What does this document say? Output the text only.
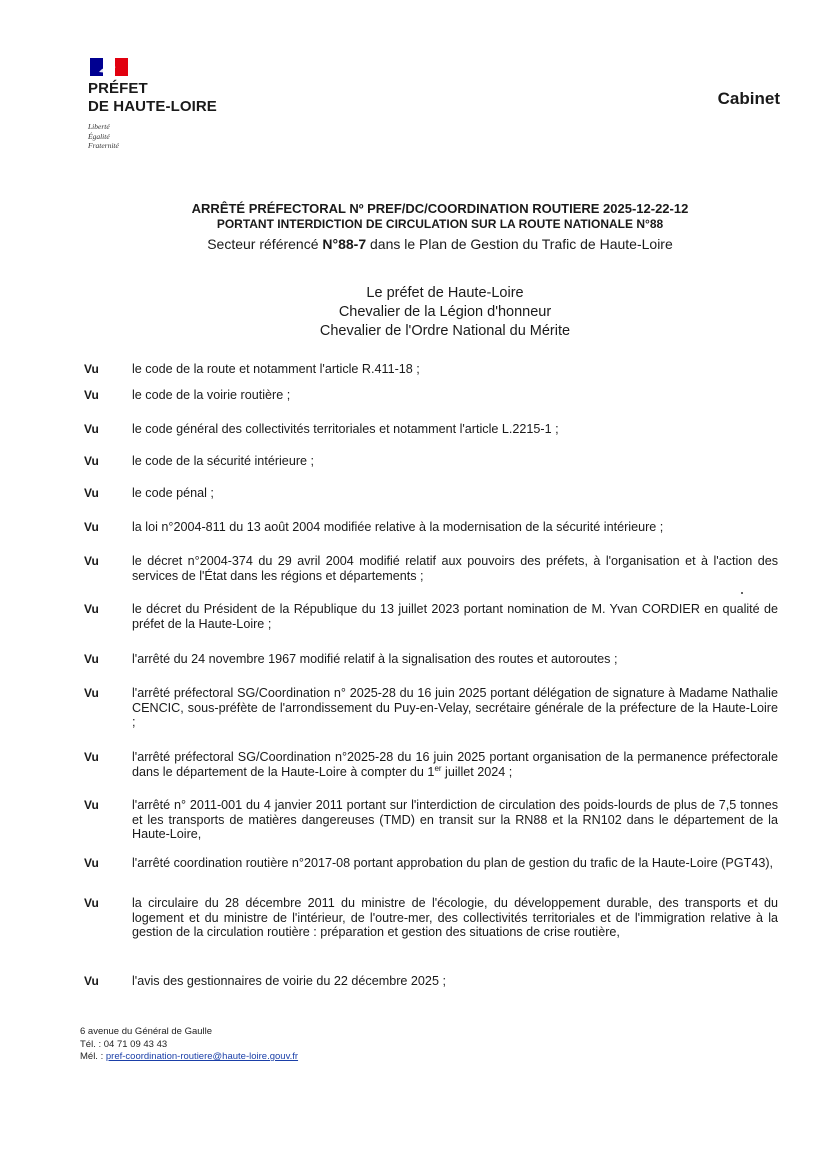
PRÉFET
DE HAUTE-LOIRE
Liberté
Égalité
Fraternité
Cabinet
ARRÊTÉ PRÉFECTORAL Nº PREF/DC/COORDINATION ROUTIERE 2025-12-22-12
PORTANT INTERDICTION DE CIRCULATION SUR LA ROUTE NATIONALE N°88
Secteur référencé N°88-7 dans le Plan de Gestion du Trafic de Haute-Loire
Le préfet de Haute-Loire
Chevalier de la Légion d'honneur
Chevalier de l'Ordre National du Mérite
Vu	le code de la route et notamment l'article R.411-18 ;
Vu	le code de la voirie routière ;
Vu	le code général des collectivités territoriales et notamment l'article L.2215-1 ;
Vu	le code de la sécurité intérieure ;
Vu	le code pénal ;
Vu	la loi n°2004-811 du 13 août 2004 modifiée relative à la modernisation de la sécurité intérieure ;
Vu	le décret n°2004-374 du 29 avril 2004 modifié relatif aux pouvoirs des préfets, à l'organisation et à l'action des services de l'État dans les régions et départements ;
Vu	le décret du Président de la République du 13 juillet 2023 portant nomination de M. Yvan CORDIER en qualité de préfet de la Haute-Loire ;
Vu	l'arrêté du 24 novembre 1967 modifié relatif à la signalisation des routes et autoroutes ;
Vu	l'arrêté préfectoral SG/Coordination n° 2025-28 du 16 juin 2025 portant délégation de signature à Madame Nathalie CENCIC, sous-préfète de l'arrondissement du Puy-en-Velay, secrétaire générale de la préfecture de la Haute-Loire ;
Vu	l'arrêté préfectoral SG/Coordination n°2025-28 du 16 juin 2025 portant organisation de la permanence préfectorale dans le département de la Haute-Loire à compter du 1er juillet 2024 ;
Vu	l'arrêté n° 2011-001 du 4 janvier 2011 portant sur l'interdiction de circulation des poids-lourds de plus de 7,5 tonnes et les transports de matières dangereuses (TMD) en transit sur la RN88 et la RN102 dans le département de la Haute-Loire,
Vu	l'arrêté coordination routière n°2017-08 portant approbation du plan de gestion du trafic de la Haute-Loire (PGT43),
Vu	la circulaire du 28 décembre 2011 du ministre de l'écologie, du développement durable, des transports et du logement et du ministre de l'intérieur, de l'outre-mer, des collectivités territoriales et de l'immigration relative à la gestion de la circulation routière : préparation et gestion des situations de crise routière,
Vu	l'avis des gestionnaires de voirie du 22 décembre 2025 ;
6 avenue du Général de Gaulle
Tél. : 04 71 09 43 43
Mél. : pref-coordination-routiere@haute-loire.gouv.fr
